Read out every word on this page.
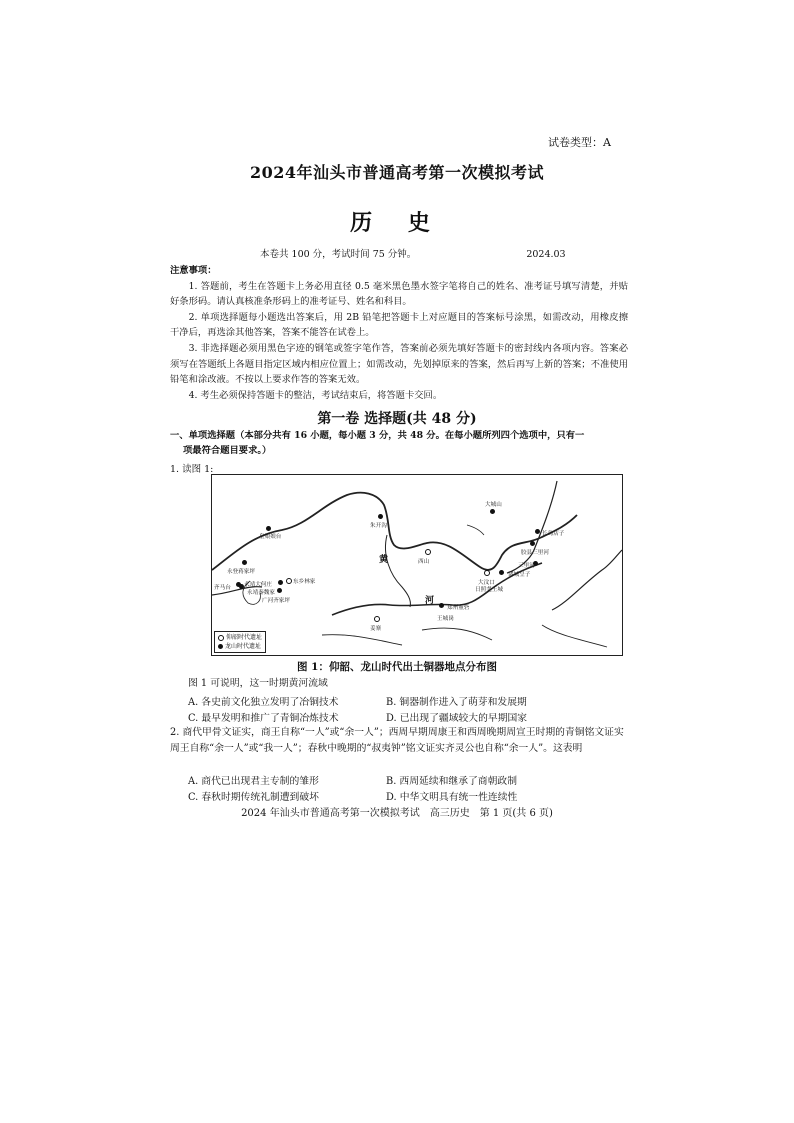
试卷类型：A
2024年汕头市普通高考第一次模拟考试
历 史
本卷共 100 分，考试时间 75 分钟。	2024.03
注意事项：

1. 答题前，考生在答题卡上务必用直径 0.5 毫米黑色墨水签字笔将自己的姓名、准考证号填写清楚，并贴好条形码。请认真核准条形码上的准考证号、姓名和科目。

2. 单项选择题每小题选出答案后，用 2B 铅笔把答题卡上对应题目的答案标号涂黑，如需改动，用橡皮擦干净后，再选涂其他答案，答案不能答在试卷上。

3. 非选择题必须用黑色字迹的钢笔或签字笔作答，答案前必须先填好答题卡的密封线内各项内容。答案必须写在答题纸上各题目指定区域内相应位置上；如需改动，先划掉原来的答案，然后再写上新的答案；不准使用铅笔和涂改液。不按以上要求作答的答案无效。

4. 考生必须保持答题卡的整洁，考试结束后，将答题卡交回。

第一卷 选择题(共 48 分)
一、单项选择题（本部分共有 16 小题，每小题 3 分，共 48 分。在每小题所列四个选项中，只有一
项最符合题目要求。）
1. 读图 1:
黄
河
大城山
朱开沟
皇娘娘台	长岛店子
胶县三里河
西山
永登蒋家坪
三里河
诸城呈子
大汶口
日照尧王城
齐马台 永靖大何庄	东乡林家
永靖秦魏家
广河齐家坪
郑州董砦
王城岗
姜寨
仰韶时代遗址
龙山时代遗址
图 1：仰韶、龙山时代出土铜器地点分布图
图 1 可说明，这一时期黄河流域
A. 各史前文化独立发明了冶铜技术	B. 铜器制作进入了萌芽和发展期
C. 最早发明和推广了青铜冶炼技术	D. 已出现了疆域较大的早期国家
2. 商代甲骨文证实，商王自称“一人”或“余一人”；西周早期周康王和西周晚期周宣王时期的青铜铭文证实周王自称“余一人”或“我一人”；春秋中晚期的“叔夷钟”铭文证实齐灵公也自称“余一人”。这表明
A. 商代已出现君主专制的雏形	B. 西周延续和继承了商朝政制
C. 春秋时期传统礼制遭到破坏	D. 中华文明具有统一性连续性
2024 年汕头市普通高考第一次模拟考试　高三历史　第 1 页(共 6 页)
